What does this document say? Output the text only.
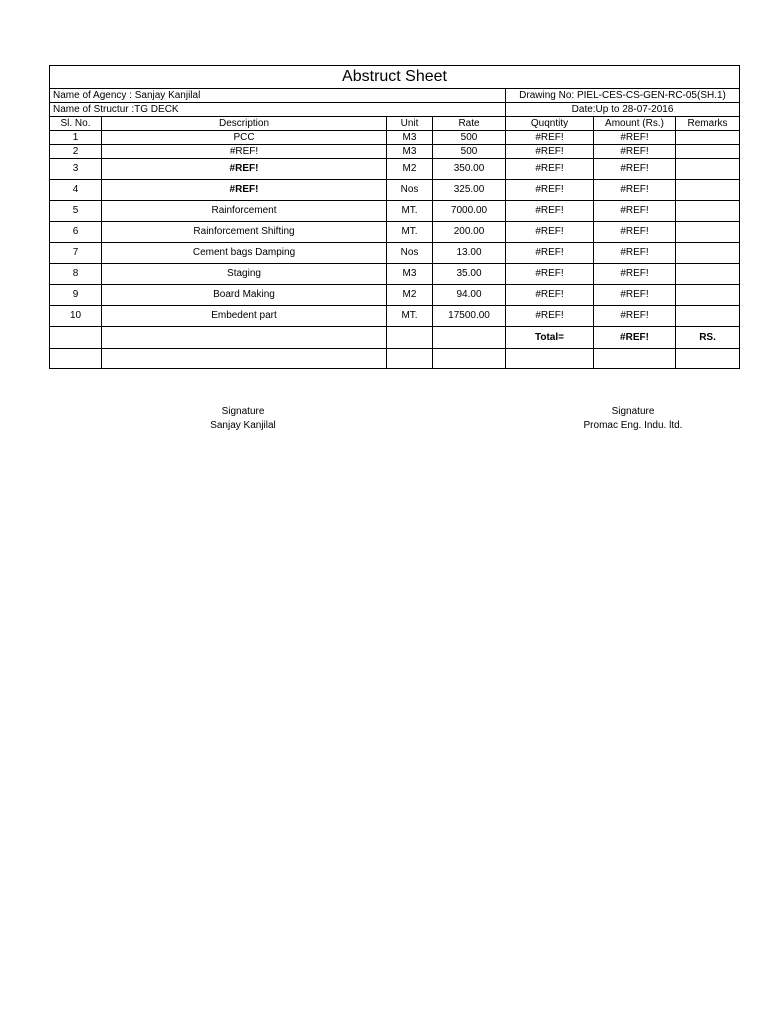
Abstruct Sheet						
Name of Agency : Sanjay Kanjilal				Drawing No: PIEL-CES-CS-GEN-RC-05(SH.1)		
Name of Structur :TG DECK				Date:Up to 28-07-2016		
Sl. No.	Description	Unit	Rate	Quqntity	Amount (Rs.)	Remarks
1	PCC	M3	500	#REF!	#REF!	
2	#REF!	M3	500	#REF!	#REF!	
3	#REF!	M2	350.00	#REF!	#REF!	
4	#REF!	Nos	325.00	#REF!	#REF!	
5	Rainforcement	MT.	7000.00	#REF!	#REF!	
6	Rainforcement Shifting	MT.	200.00	#REF!	#REF!	
7	Cement bags Damping	Nos	13.00	#REF!	#REF!	
8	Staging	M3	35.00	#REF!	#REF!	
9	Board Making	M2	94.00	#REF!	#REF!	
10	Embedent part	MT.	17500.00	#REF!	#REF!	
				Total=	#REF!	RS.

Signature
Sanjay Kanjilal
Signature
Promac Eng. Indu. ltd.
